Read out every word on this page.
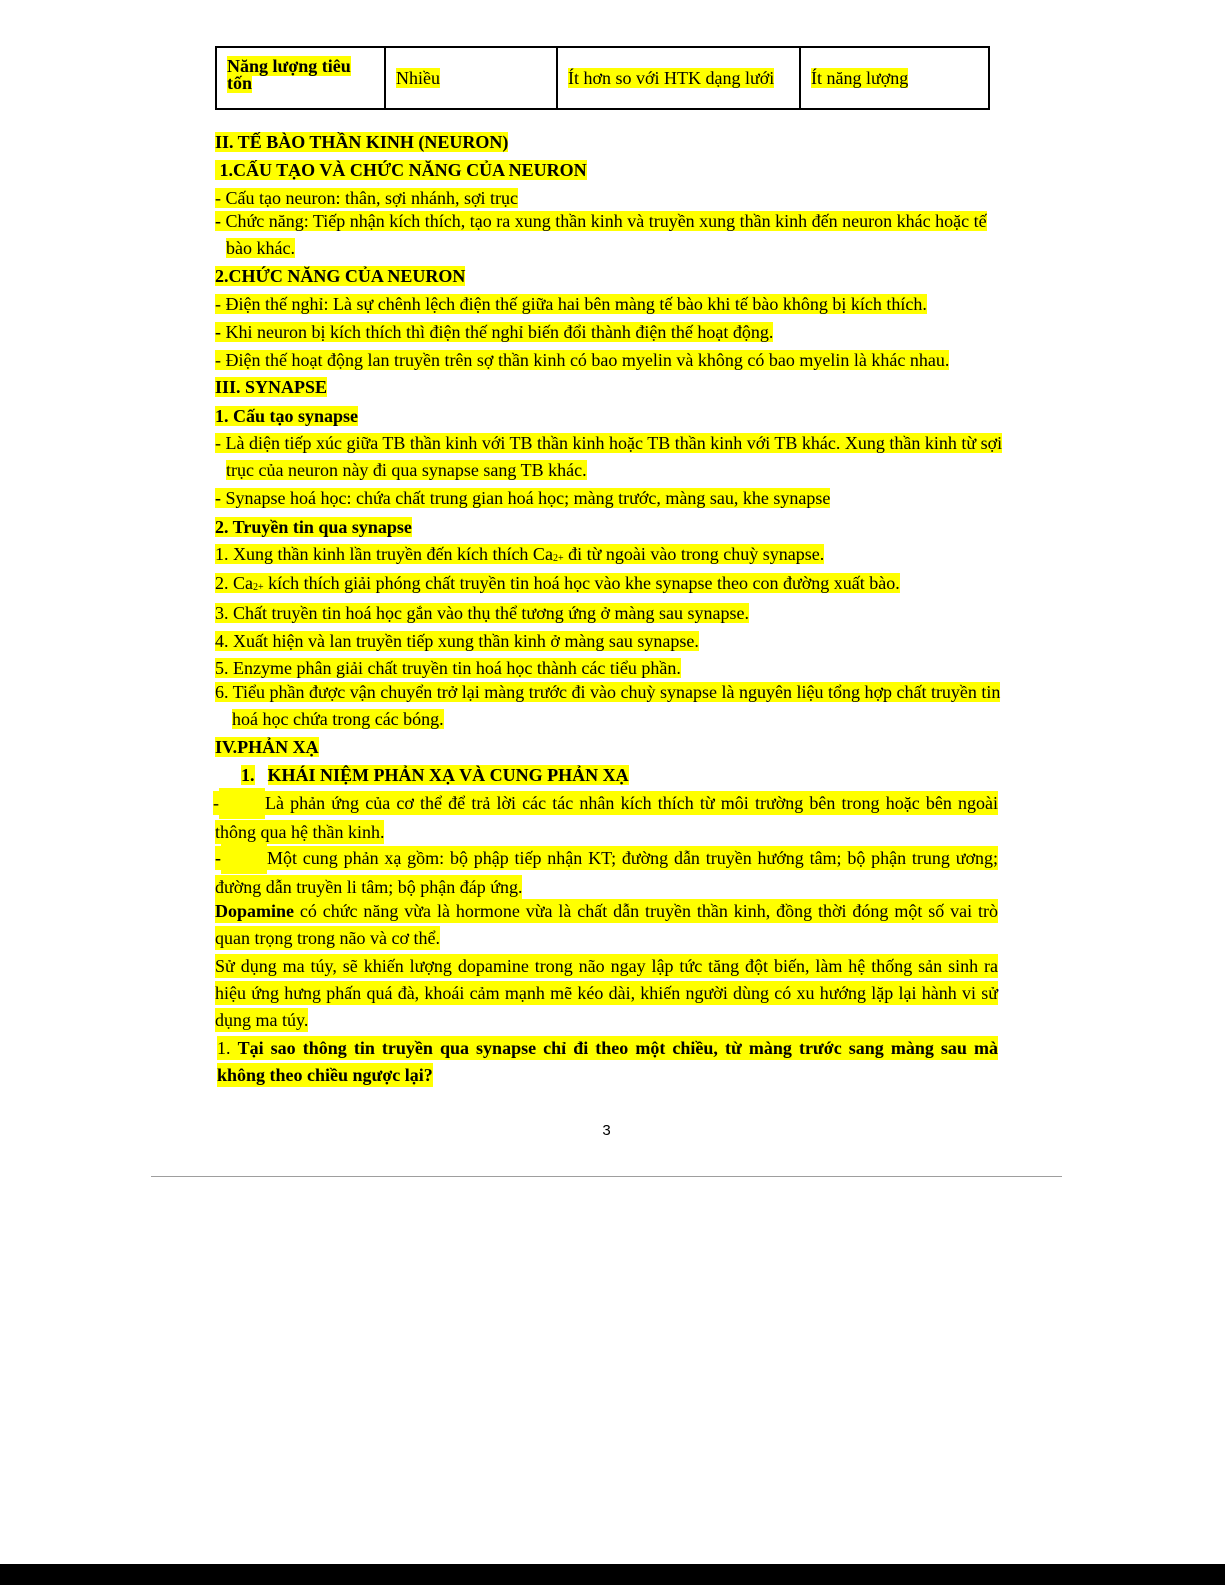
Năng lượng tiêu tốn	Nhiều	Ít hơn so với HTK dạng lưới	Ít năng lượng
II. TẾ BÀO THẦN KINH (NEURON)
1.CẤU TẠO VÀ CHỨC NĂNG CỦA NEURON
- Cấu tạo neuron: thân, sợi nhánh, sợi trục
- Chức năng: Tiếp nhận kích thích, tạo ra xung thần kinh và truyền xung thần kinh đến neuron khác hoặc tế
bào khác.
2.CHỨC NĂNG CỦA NEURON
- Điện thế nghỉ: Là sự chênh lệch điện thế giữa hai bên màng tế bào khi tế bào không bị kích thích.
- Khi neuron bị kích thích thì điện thế nghỉ biến đổi thành điện thế hoạt động.
- Điện thế hoạt động lan truyền trên sợ thần kinh có bao myelin và không có bao myelin là khác nhau.
III. SYNAPSE
1. Cấu tạo synapse
- Là diện tiếp xúc giữa TB thần kinh với TB thần kinh hoặc TB thần kinh với TB khác. Xung thần kinh từ sợi
trục của neuron này đi qua synapse sang TB khác.
- Synapse hoá học: chứa chất trung gian hoá học; màng trước, màng sau, khe synapse
2. Truyền tin qua synapse
1. Xung thần kinh lần truyền đến kích thích $Ca_{2+}$ đi từ ngoài vào trong chuỳ synapse.
2. $Ca_{2+}$ kích thích giải phóng chất truyền tin hoá học vào khe synapse theo con đường xuất bào.
3. Chất truyền tin hoá học gắn vào thụ thể tương ứng ở màng sau synapse.
4. Xuất hiện và lan truyền tiếp xung thần kinh ở màng sau synapse.
5. Enzyme phân giải chất truyền tin hoá học thành các tiểu phần.
6. Tiểu phần được vận chuyển trở lại màng trước đi vào chuỳ synapse là nguyên liệu tổng hợp chất truyền tin
hoá học chứa trong các bóng.
IV.PHẢN XẠ
1. KHÁI NIỆM PHẢN XẠ VÀ CUNG PHẢN XẠ
-	Là phản ứng của cơ thể để trả lời các tác nhân kích thích từ môi trường bên trong hoặc bên ngoài thông qua hệ thần kinh.
-	Một cung phản xạ gồm: bộ phập tiếp nhận KT; đường dẫn truyền hướng tâm; bộ phận trung ương; đường dẫn truyền li tâm; bộ phận đáp ứng.
Dopamine có chức năng vừa là hormone vừa là chất dẫn truyền thần kinh, đồng thời đóng một số vai trò quan trọng trong não và cơ thể.
Sử dụng ma túy, sẽ khiến lượng dopamine trong não ngay lập tức tăng đột biến, làm hệ thống sản sinh ra hiệu ứng hưng phấn quá đà, khoái cảm mạnh mẽ kéo dài, khiến người dùng có xu hướng lặp lại hành vi sử dụng ma túy.
1. Tại sao thông tin truyền qua synapse chỉ đi theo một chiều, từ màng trước sang màng sau mà không theo chiều ngược lại?
3
